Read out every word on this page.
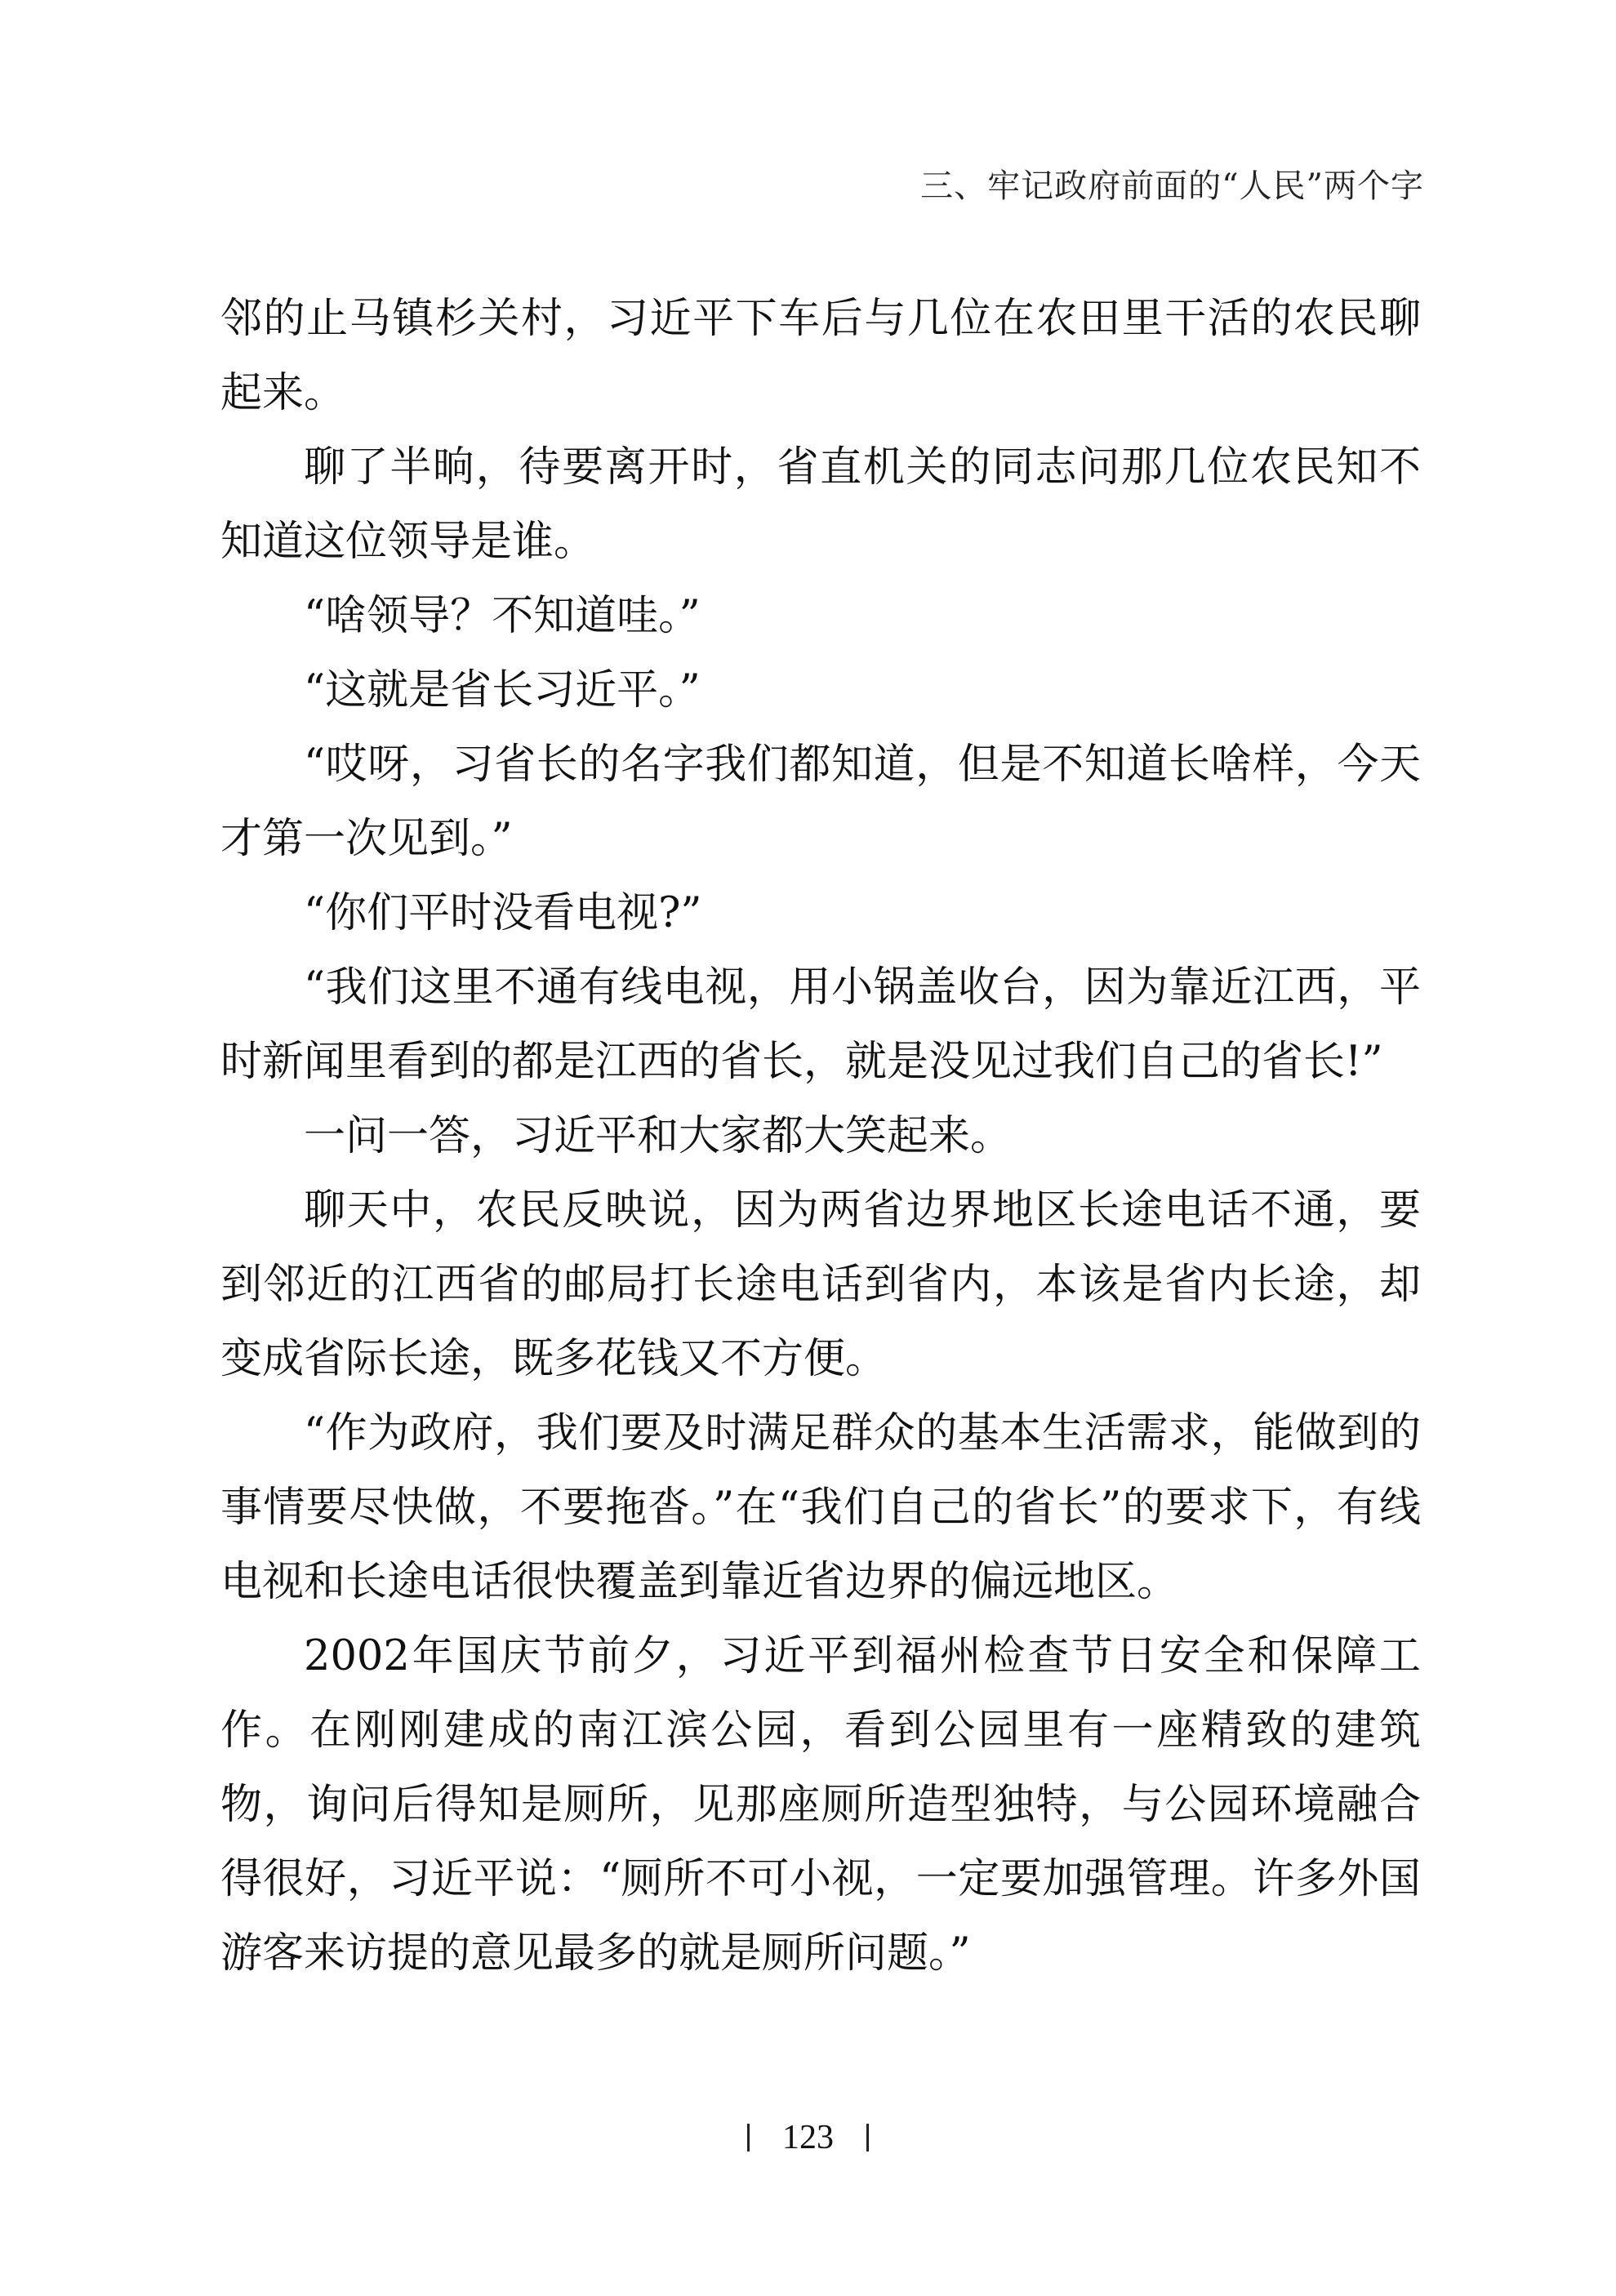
三、牢记政府前面的“人民”两个字

邻的止马镇杉关村，习近平下车后与几位在农田里干活的农民聊起来。

聊了半晌，待要离开时，省直机关的同志问那几位农民知不知道这位领导是谁。

“啥领导？不知道哇。”

“这就是省长习近平。”

“哎呀，习省长的名字我们都知道，但是不知道长啥样，今天才第一次见到。”

“你们平时没看电视?”

“我们这里不通有线电视，用小锅盖收台，因为靠近江西，平时新闻里看到的都是江西的省长，就是没见过我们自己的省长!”

一问一答，习近平和大家都大笑起来。

聊天中，农民反映说，因为两省边界地区长途电话不通，要到邻近的江西省的邮局打长途电话到省内，本该是省内长途，却变成省际长途，既多花钱又不方便。

“作为政府，我们要及时满足群众的基本生活需求，能做到的事情要尽快做，不要拖沓。”在“我们自己的省长”的要求下，有线电视和长途电话很快覆盖到靠近省边界的偏远地区。

2002年国庆节前夕，习近平到福州检查节日安全和保障工作。在刚刚建成的南江滨公园，看到公园里有一座精致的建筑物，询问后得知是厕所，见那座厕所造型独特，与公园环境融合得很好，习近平说：“厕所不可小视，一定要加强管理。许多外国游客来访提的意见最多的就是厕所问题。”

123
